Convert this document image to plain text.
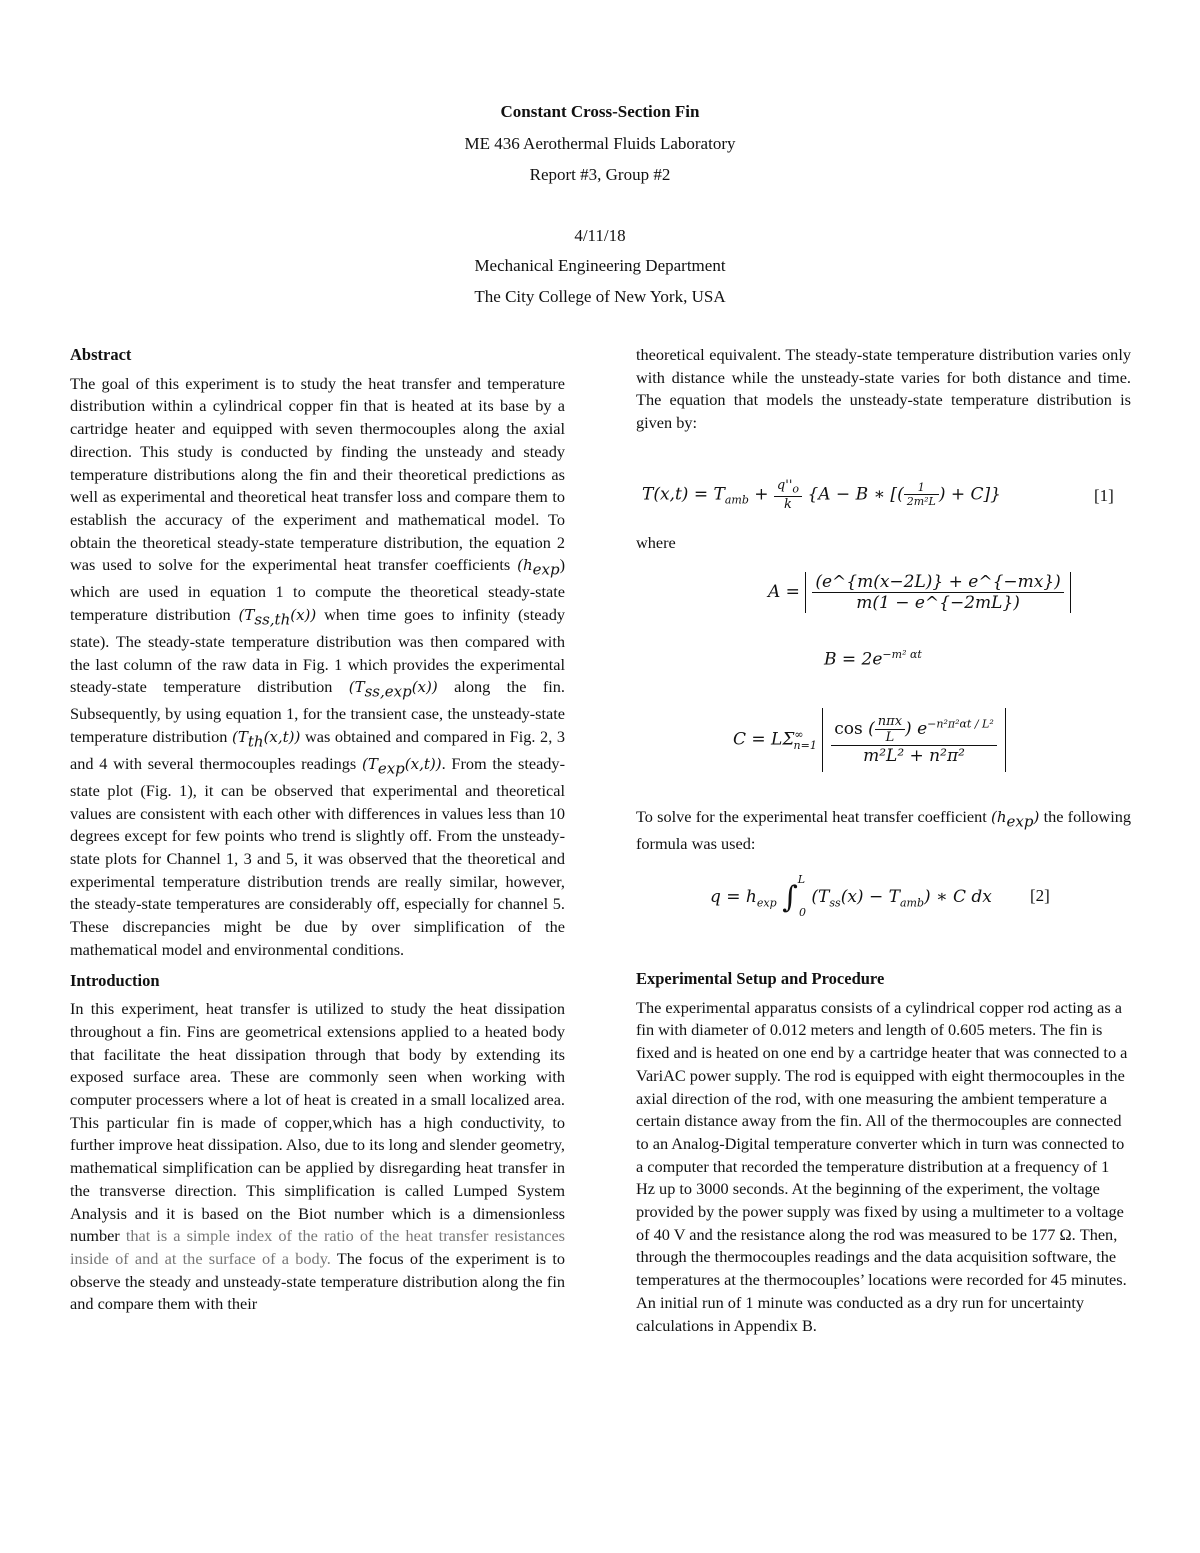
Constant Cross-Section Fin
ME 436 Aerothermal Fluids Laboratory
Report #3, Group #2
4/11/18
Mechanical Engineering Department
The City College of New York, USA
Abstract

The goal of this experiment is to study the heat transfer and temperature distribution within a cylindrical copper fin that is heated at its base by a cartridge heater and equipped with seven thermocouples along the axial direction. This study is conducted by finding the unsteady and steady temperature distributions along the fin and their theoretical predictions as well as experimental and theoretical heat transfer loss and compare them to establish the accuracy of the experiment and mathematical model. To obtain the theoretical steady-state temperature distribution, the equation 2 was used to solve for the experimental heat transfer coefficients $(h_{exp})$ which are used in equation 1 to compute the theoretical steady-state temperature distribution $(T_{ss,th}(x))$ when time goes to infinity (steady state). The steady-state temperature distribution was then compared with the last column of the raw data in Fig. 1 which provides the experimental steady-state temperature distribution $(T_{ss,exp}(x))$ along the fin. Subsequently, by using equation 1, for the transient case, the unsteady-state temperature distribution $(T_{th}(x,t))$ was obtained and compared in Fig. 2, 3 and 4 with several thermocouples readings $(T_{exp}(x,t))$. From the steady-state plot (Fig. 1), it can be observed that experimental and theoretical values are consistent with each other with differences in values less than 10 degrees except for few points who trend is slightly off. From the unsteady-state plots for Channel 1, 3 and 5, it was observed that the theoretical and experimental temperature distribution trends are really similar, however, the steady-state temperatures are considerably off, especially for channel 5. These discrepancies might be due by over simplification of the mathematical model and environmental conditions.

Introduction

In this experiment, heat transfer is utilized to study the heat dissipation throughout a fin. Fins are geometrical extensions applied to a heated body that facilitate the heat dissipation through that body by extending its exposed surface area. These are commonly seen when working with computer processers where a lot of heat is created in a small localized area. This particular fin is made of copper,which has a high conductivity, to further improve heat dissipation. Also, due to its long and slender geometry, mathematical simplification can be applied by disregarding heat transfer in the transverse direction. This simplification is called Lumped System Analysis and it is based on the Biot number which is a dimensionless number that is a simple index of the ratio of the heat transfer resistances inside of and at the surface of a body. The focus of the experiment is to observe the steady and unsteady-state temperature distribution along the fin and compare them with their

theoretical equivalent. The steady-state temperature distribution varies only with distance while the unsteady-state varies for both distance and time. The equation that models the unsteady-state temperature distribution is given by:

$T(x,t) = T_{amb} + \frac{q''_o}{k} \{A - B$ ∗ [( $\frac{1}{\text{2m²L}}$ ) + C]}	[1]
where
$A = \frac{(e\^{}\{m(x-2L)\} + e\^{}\{-mx\})}{m(1 - e\^{}\{-2mL\})}$
$B = 2e^{-m^2 \alpha t}$
$C = L\Sigma^\infty_{n=1} \frac{\cos ( \frac{\text{nπx}}{L} ) e^{-n^2\pi^2\alpha t / L^2}}{\text{m²L² + n²π²}}$

To solve for the experimental heat transfer coefficient $(h_{exp})$ the following formula was used:

$q = h_{exp}$ ∫$^L_0$ $(T_{ss}(x) - T_{amb})$ ∗ C dx [2]
Experimental Setup and Procedure

The experimental apparatus consists of a cylindrical copper rod acting as a fin with diameter of 0.012 meters and length of 0.605 meters. The fin is fixed and is heated on one end by a cartridge heater that was connected to a VariAC power supply. The rod is equipped with eight thermocouples in the axial direction of the rod, with one measuring the ambient temperature a certain distance away from the fin. All of the thermocouples are connected to an Analog-Digital temperature converter which in turn was connected to a computer that recorded the temperature distribution at a frequency of 1 Hz up to 3000 seconds. At the beginning of the experiment, the voltage provided by the power supply was fixed by using a multimeter to a voltage of 40 V and the resistance along the rod was measured to be 177 Ω. Then, through the thermocouples readings and the data acquisition software, the temperatures at the thermocouples’ locations were recorded for 45 minutes. An initial run of 1 minute was conducted as a dry run for uncertainty calculations in Appendix B.
